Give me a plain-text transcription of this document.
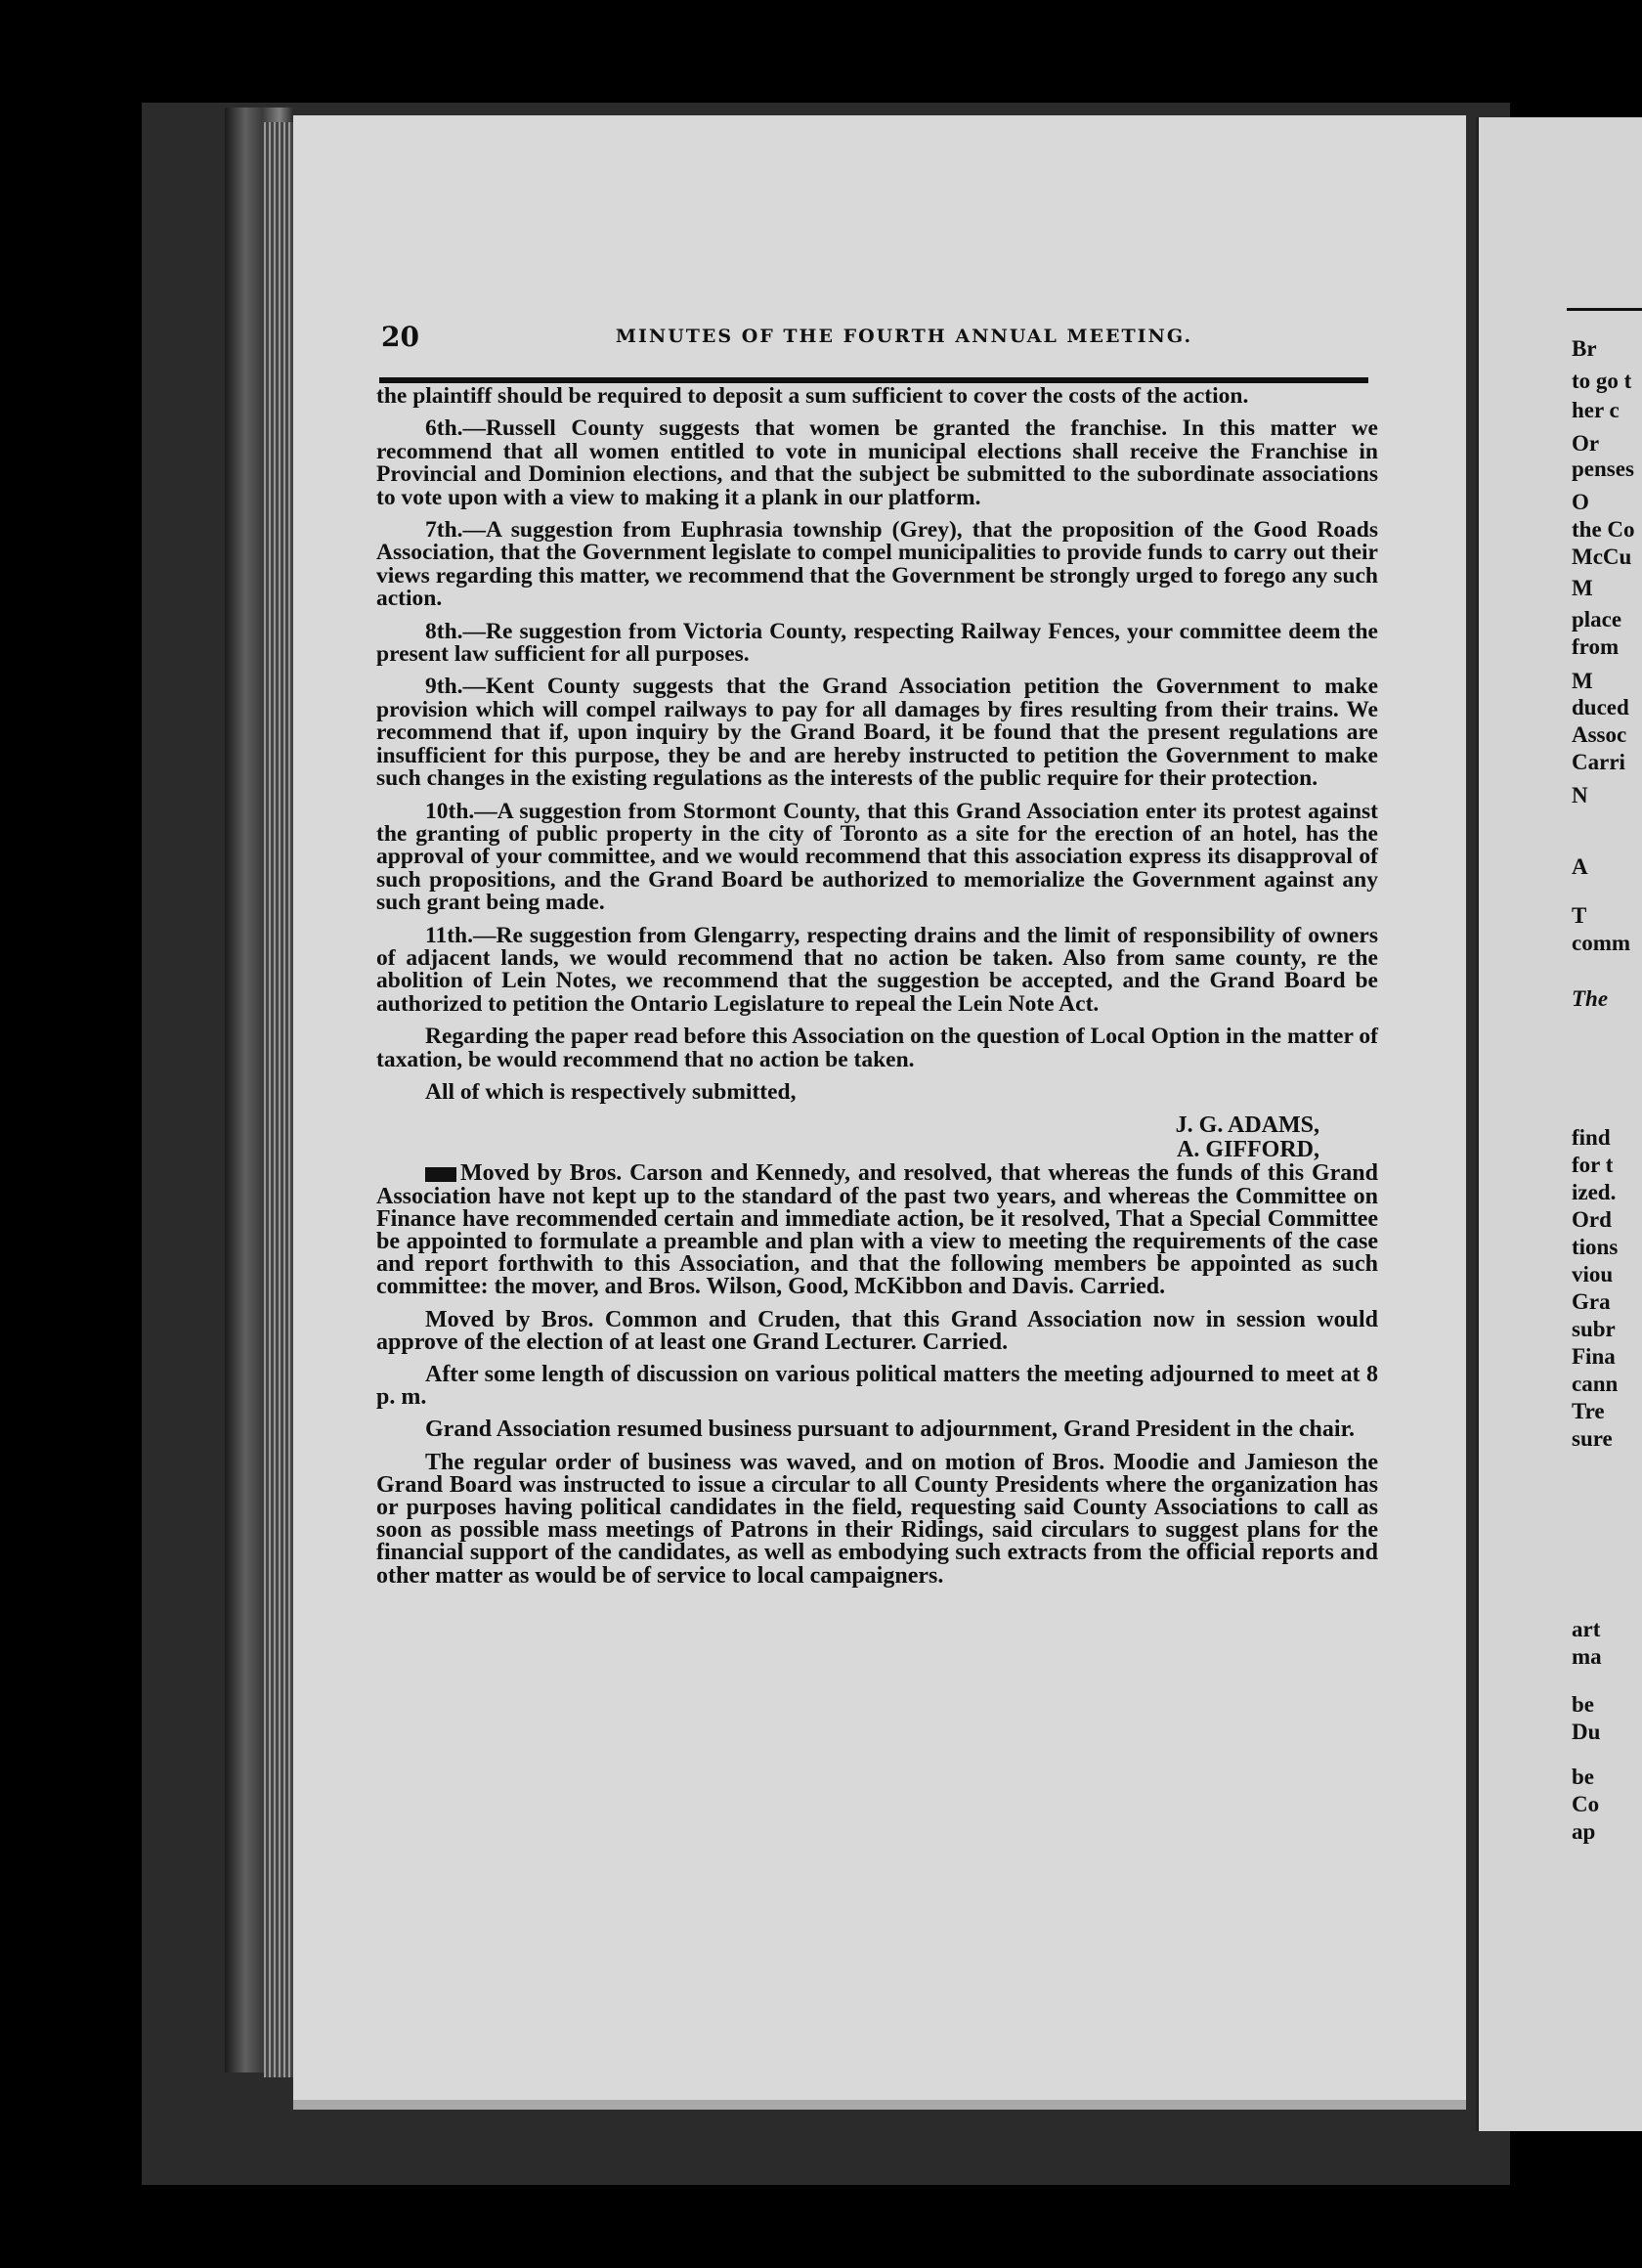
20	MINUTES OF THE FOURTH ANNUAL MEETING.

the plaintiff should be required to deposit a sum sufficient to cover the costs of the action.

6th.—Russell County suggests that women be granted the franchise. In this matter we recommend that all women entitled to vote in municipal elections shall receive the Franchise in Provincial and Dominion elections, and that the subject be submitted to the subordinate associations to vote upon with a view to making it a plank in our platform.

7th.—A suggestion from Euphrasia township (Grey), that the proposition of the Good Roads Association, that the Government legislate to compel municipalities to provide funds to carry out their views regarding this matter, we recommend that the Government be strongly urged to forego any such action.

8th.—Re suggestion from Victoria County, respecting Railway Fences, your committee deem the present law sufficient for all purposes.

9th.—Kent County suggests that the Grand Association petition the Government to make provision which will compel railways to pay for all damages by fires resulting from their trains. We recommend that if, upon inquiry by the Grand Board, it be found that the present regulations are insufficient for this purpose, they be and are hereby instructed to petition the Government to make such changes in the existing regulations as the interests of the public require for their protection.

10th.—A suggestion from Stormont County, that this Grand Association enter its protest against the granting of public property in the city of Toronto as a site for the erection of an hotel, has the approval of your committee, and we would recommend that this association express its disapproval of such propositions, and the Grand Board be authorized to memorialize the Government against any such grant being made.

11th.—Re suggestion from Glengarry, respecting drains and the limit of responsibility of owners of adjacent lands, we would recommend that no action be taken. Also from same county, re the abolition of Lein Notes, we recommend that the suggestion be accepted, and the Grand Board be authorized to petition the Ontario Legislature to repeal the Lein Note Act.

Regarding the paper read before this Association on the question of Local Option in the matter of taxation, be would recommend that no action be taken.

All of which is respectively submitted,

J. G. ADAMS,
A. GIFFORD,

Moved by Bros. Carson and Kennedy, and resolved, that whereas the funds of this Grand Association have not kept up to the standard of the past two years, and whereas the Committee on Finance have recommended certain and immediate action, be it resolved, That a Special Committee be appointed to formulate a preamble and plan with a view to meeting the requirements of the case and report forthwith to this Association, and that the following members be appointed as such committee: the mover, and Bros. Wilson, Good, McKibbon and Davis. Carried.

Moved by Bros. Common and Cruden, that this Grand Association now in session would approve of the election of at least one Grand Lecturer. Carried.

After some length of discussion on various political matters the meeting adjourned to meet at 8 p. m.

Grand Association resumed business pursuant to adjournment, Grand President in the chair.

The regular order of business was waved, and on motion of Bros. Moodie and Jamieson the Grand Board was instructed to issue a circular to all County Presidents where the organization has or purposes having political candidates in the field, requesting said County Associations to call as soon as possible mass meetings of Patrons in their Ridings, said circulars to suggest plans for the financial support of the candidates, as well as embodying such extracts from the official reports and other matter as would be of service to local campaigners.

Br
to go t
her c
Or
penses
O
the Co
McCu
M
place
from
M
duced
Assoc
Carri
N
A
T
comm
The
find
for t
ized.
Ord
tions
viou
Gra
subr
Fina
cann
Tre
sure
art
ma
be
Du
be
Co
ap
